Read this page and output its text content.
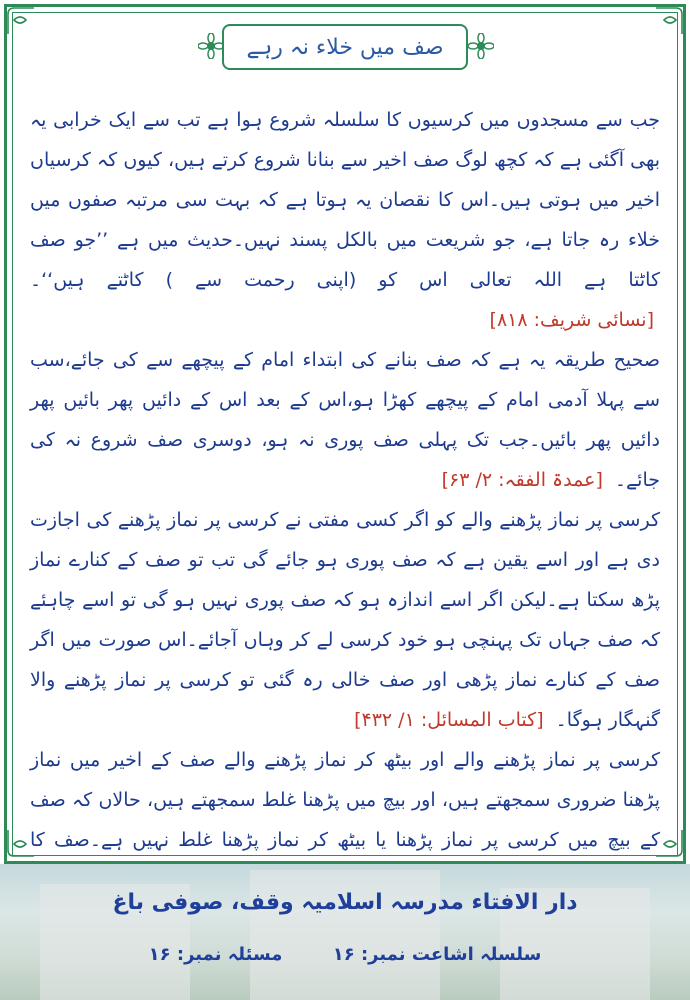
صف میں خلاء نہ رہے

جب سے مسجدوں میں کرسیوں کا سلسلہ شروع ہوا ہے تب سے ایک خرابی یہ بھی آگئی ہے کہ کچھ لوگ صف اخیر سے بنانا شروع کرتے ہیں، کیوں کہ کرسیاں اخیر میں ہوتی ہیں۔اس کا نقصان یہ ہوتا ہے کہ بہت سی مرتبہ صفوں میں خلاء رہ جاتا ہے، جو شریعت میں بالکل پسند نہیں۔حدیث میں ہے ’’جو صف کاٹتا ہے اللہ تعالی اس کو (اپنی رحمت سے ) کاٹتے ہیں‘‘۔ [نسائی شریف: ۸۱۸]

صحیح طریقہ یہ ہے کہ صف بنانے کی ابتداء امام کے پیچھے سے کی جائے،سب سے پہلا آدمی امام کے پیچھے کھڑا ہو،اس کے بعد اس کے دائیں پھر بائیں پھر دائیں پھر بائیں۔جب تک پہلی صف پوری نہ ہو، دوسری صف شروع نہ کی جائے۔ [عمدۃ الفقہ: ۲/ ۶۳]

کرسی پر نماز پڑھنے والے کو اگر کسی مفتی نے کرسی پر نماز پڑھنے کی اجازت دی ہے اور اسے یقین ہے کہ صف پوری ہو جائے گی تب تو صف کے کنارے نماز پڑھ سکتا ہے۔لیکن اگر اسے اندازہ ہو کہ صف پوری نہیں ہو گی تو اسے چاہئے کہ صف جہاں تک پہنچی ہو خود کرسی لے کر وہاں آجائے۔اس صورت میں اگر صف کے کنارے نماز پڑھی اور صف خالی رہ گئی تو کرسی پر نماز پڑھنے والا گنہگار ہوگا۔ [کتاب المسائل: ۱/ ۴۳۲]

کرسی پر نماز پڑھنے والے اور بیٹھ کر نماز پڑھنے والے صف کے اخیر میں نماز پڑھنا ضروری سمجھتے ہیں، اور بیچ میں پڑھنا غلط سمجھتے ہیں، حالاں کہ صف کے بیچ میں کرسی پر نماز پڑھنا یا بیٹھ کر نماز پڑھنا غلط نہیں ہے۔صف کا

دار الافتاء مدرسہ اسلامیہ وقف، صوفی باغ
سلسلہ اشاعت نمبر: ۱۶ مسئلہ نمبر: ۱۶
